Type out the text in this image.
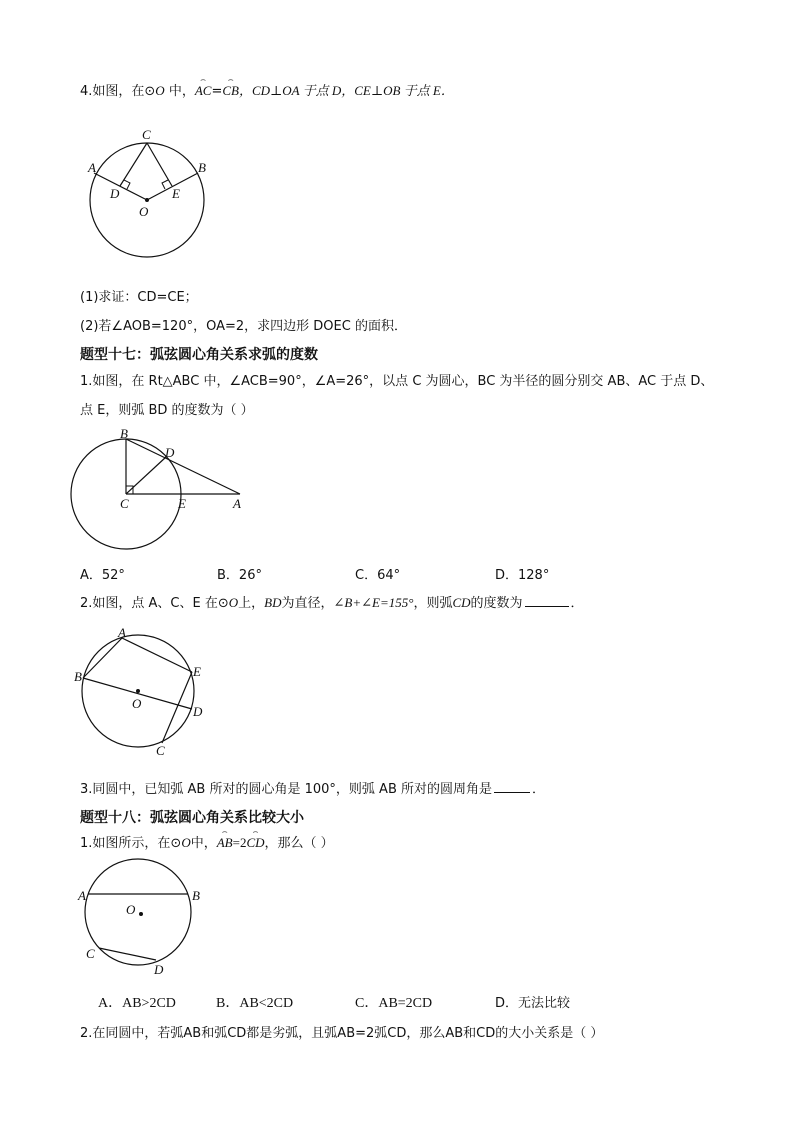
4.如图，在⊙O 中，⌢ AC=⌢ CB，CD⊥OA 于点 D，CE⊥OB 于点 E．
C
A	B
D	E
O
(1)求证：CD=CE；
(2)若∠AOB=120°，OA=2，求四边形 DOEC 的面积．
题型十七：弧弦圆心角关系求弧的度数
1.如图，在 Rt△ABC 中，∠ACB=90°，∠A=26°，以点 C 为圆心，BC 为半径的圆分别交 AB、AC 于点 D、
点 E，则弧 BD 的度数为（ ）
B
D
C	E	A
A．52°	B．26°	C．64°	D．128°
2.如图，点 A、C、E 在⊙O上，BD为直径，∠B+∠E=155°，则弧CD的度数为	．
A
B	E
O
D
C
3.同圆中，已知弧 AB 所对的圆心角是 100°，则弧 AB 所对的圆周角是	．
题型十八：弧弦圆心角关系比较大小
1.如图所示，在⊙O中，⌢ AB=2⌢ CD，那么（ ）
A	B
O
C
D
A．AB>2CD	B．AB<2CD	C．AB=2CD	D．无法比较
2.在同圆中，若弧AB和弧CD都是劣弧，且弧AB=2弧CD，那么AB和CD的大小关系是（ ）
